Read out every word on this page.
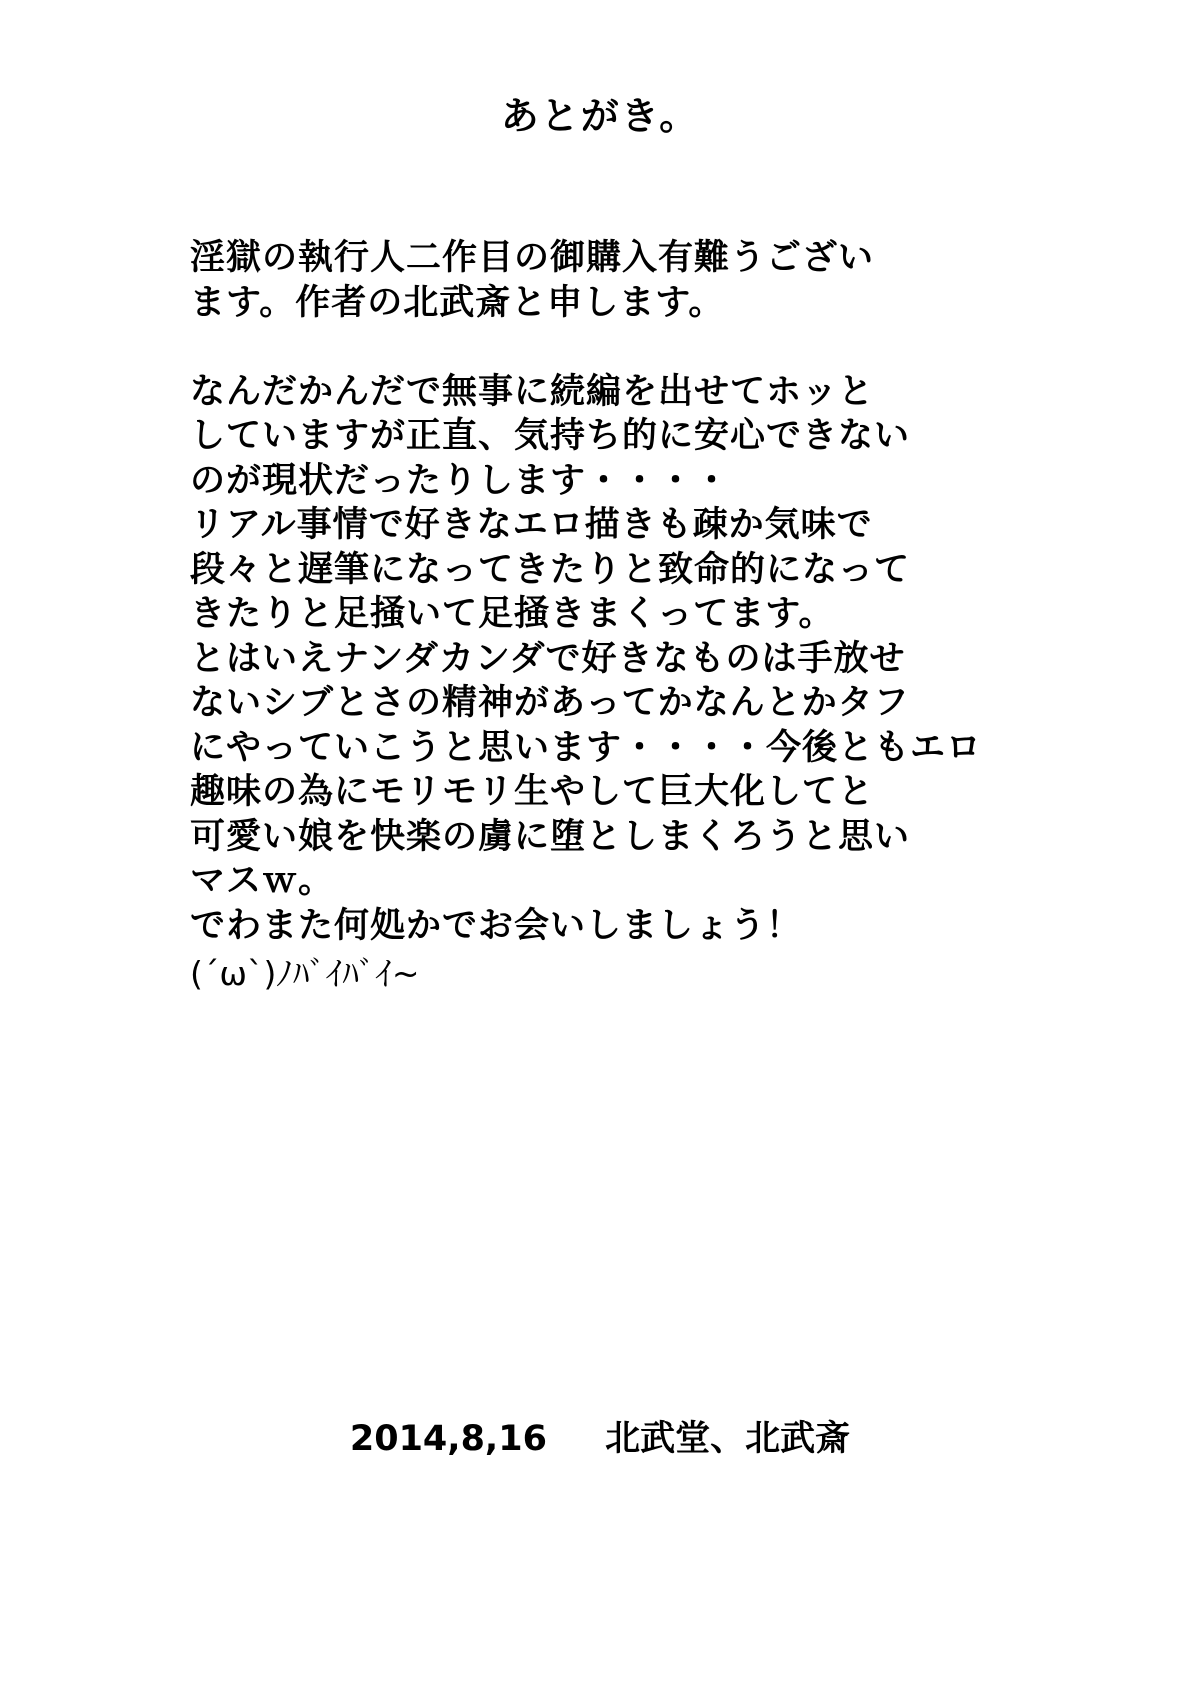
あとがき。
淫獄の執行人二作目の御購入有難うござい
ます。作者の北武斎と申します。
なんだかんだで無事に続編を出せてホッと
していますが正直、気持ち的に安心できない
のが現状だったりします・・・・
リアル事情で好きなエロ描きも疎か気味で
段々と遅筆になってきたりと致命的になって
きたりと足掻いて足掻きまくってます。
とはいえナンダカンダで好きなものは手放せ
ないシブとさの精神があってかなんとかタフ
にやっていこうと思います・・・・今後ともエロ
趣味の為にモリモリ生やして巨大化してと
可愛い娘を快楽の虜に堕としまくろうと思い
マスｗ。
でわまた何処かでお会いしましょう！
(´ω`)ﾉﾊﾞｲﾊﾞｲ~
2014,8,16 北武堂、北武斎
